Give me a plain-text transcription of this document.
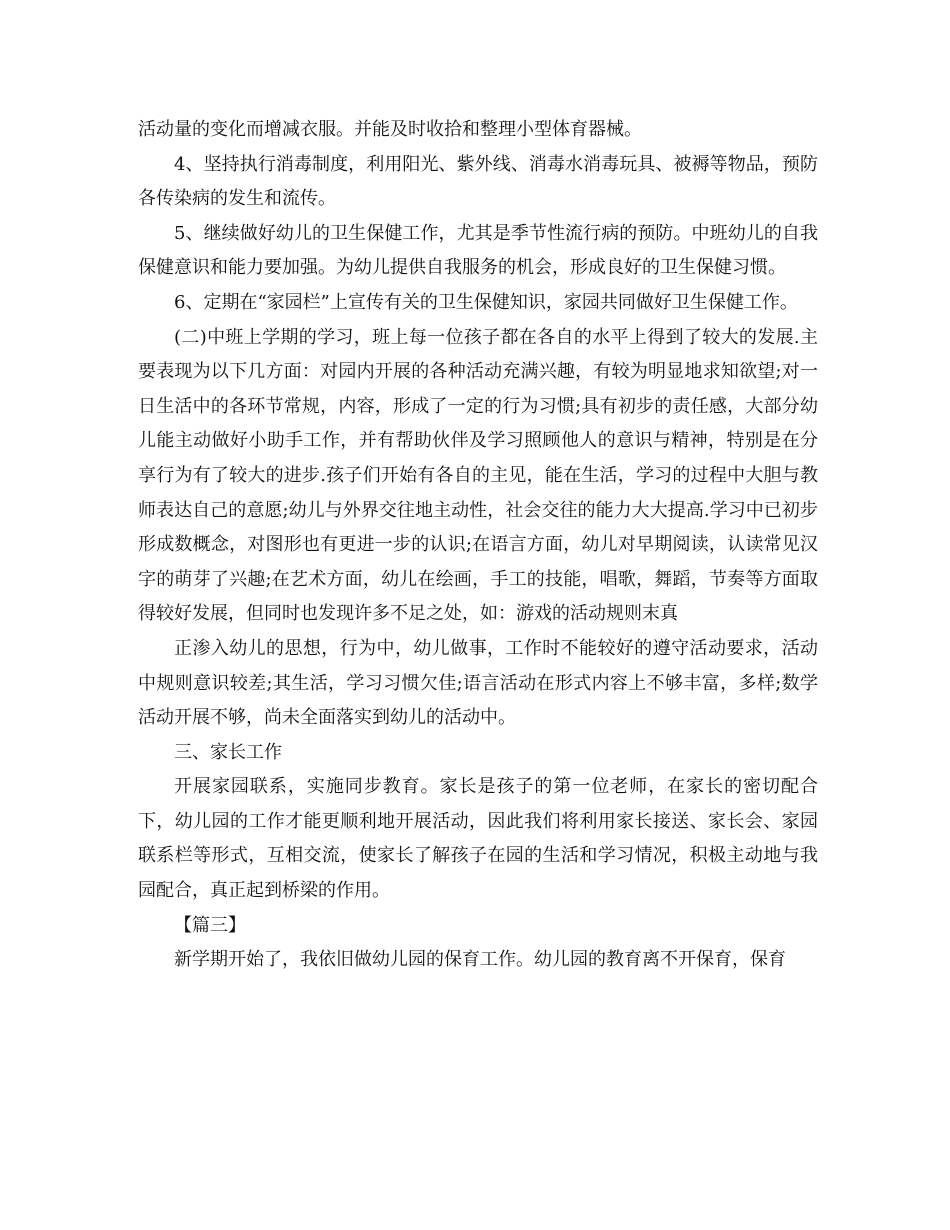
活动量的变化而增减衣服。并能及时收拾和整理小型体育器械。

4、坚持执行消毒制度，利用阳光、紫外线、消毒水消毒玩具、被褥等物品，预防各传染病的发生和流传。

5、继续做好幼儿的卫生保健工作，尤其是季节性流行病的预防。中班幼儿的自我保健意识和能力要加强。为幼儿提供自我服务的机会，形成良好的卫生保健习惯。

6、定期在“家园栏”上宣传有关的卫生保健知识，家园共同做好卫生保健工作。

(二)中班上学期的学习，班上每一位孩子都在各自的水平上得到了较大的发展.主要表现为以下几方面：对园内开展的各种活动充满兴趣，有较为明显地求知欲望;对一日生活中的各环节常规，内容，形成了一定的行为习惯;具有初步的责任感，大部分幼儿能主动做好小助手工作，并有帮助伙伴及学习照顾他人的意识与精神，特别是在分享行为有了较大的进步.孩子们开始有各自的主见，能在生活，学习的过程中大胆与教师表达自己的意愿;幼儿与外界交往地主动性，社会交往的能力大大提高.学习中已初步形成数概念，对图形也有更进一步的认识;在语言方面，幼儿对早期阅读，认读常见汉字的萌芽了兴趣;在艺术方面，幼儿在绘画，手工的技能，唱歌，舞蹈，节奏等方面取得较好发展，但同时也发现许多不足之处，如：游戏的活动规则末真

正渗入幼儿的思想，行为中，幼儿做事，工作时不能较好的遵守活动要求，活动中规则意识较差;其生活，学习习惯欠佳;语言活动在形式内容上不够丰富，多样;数学活动开展不够，尚未全面落实到幼儿的活动中。

三、家长工作

开展家园联系，实施同步教育。家长是孩子的第一位老师，在家长的密切配合下，幼儿园的工作才能更顺利地开展活动，因此我们将利用家长接送、家长会、家园联系栏等形式，互相交流，使家长了解孩子在园的生活和学习情况，积极主动地与我园配合，真正起到桥梁的作用。

【篇三】

新学期开始了，我依旧做幼儿园的保育工作。幼儿园的教育离不开保育，保育
